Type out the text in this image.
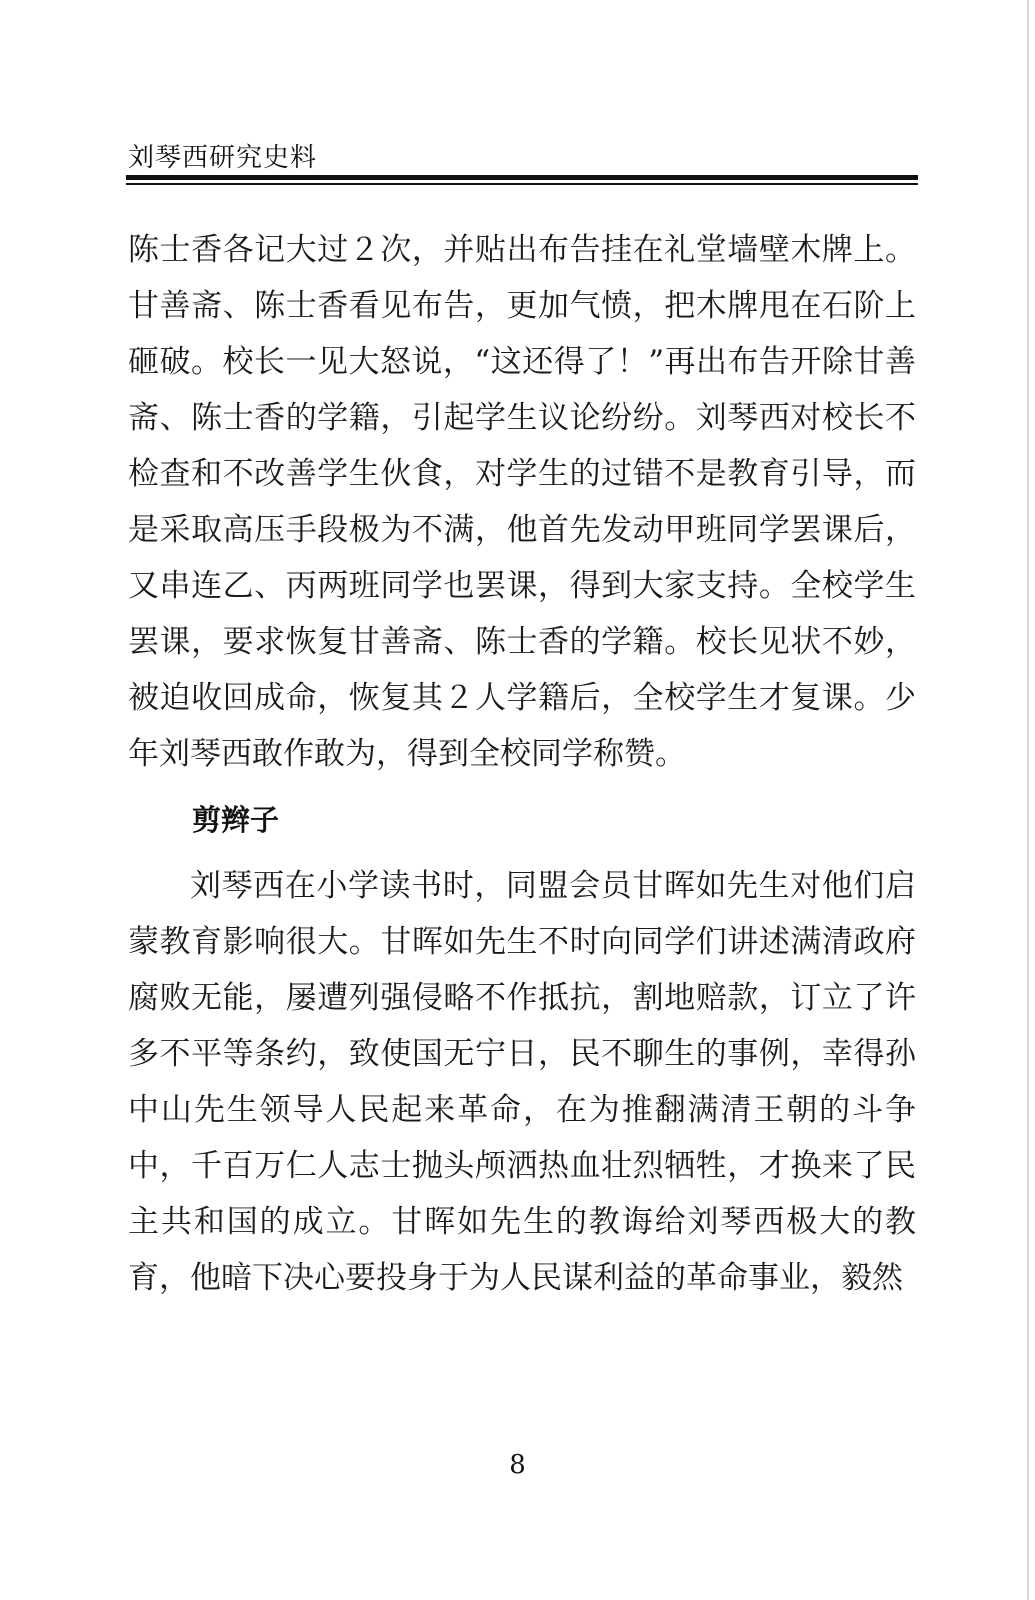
刘琴西研究史料

陈士香各记大过２次，并贴出布告挂在礼堂墙壁木牌上。甘善斋、陈士香看见布告，更加气愤，把木牌甩在石阶上砸破。校长一见大怒说，“这还得了！”再出布告开除甘善斋、陈士香的学籍，引起学生议论纷纷。刘琴西对校长不检查和不改善学生伙食，对学生的过错不是教育引导，而是采取高压手段极为不满，他首先发动甲班同学罢课后，又串连乙、丙两班同学也罢课，得到大家支持。全校学生罢课，要求恢复甘善斋、陈士香的学籍。校长见状不妙，被迫收回成命，恢复其２人学籍后，全校学生才复课。少年刘琴西敢作敢为，得到全校同学称赞。

剪辫子

刘琴西在小学读书时，同盟会员甘晖如先生对他们启蒙教育影响很大。甘晖如先生不时向同学们讲述满清政府腐败无能，屡遭列强侵略不作抵抗，割地赔款，订立了许多不平等条约，致使国无宁日，民不聊生的事例，幸得孙中山先生领导人民起来革命，在为推翻满清王朝的斗争中，千百万仁人志士抛头颅洒热血壮烈牺牲，才换来了民主共和国的成立。甘晖如先生的教诲给刘琴西极大的教育，他暗下决心要投身于为人民谋利益的革命事业，毅然

8
